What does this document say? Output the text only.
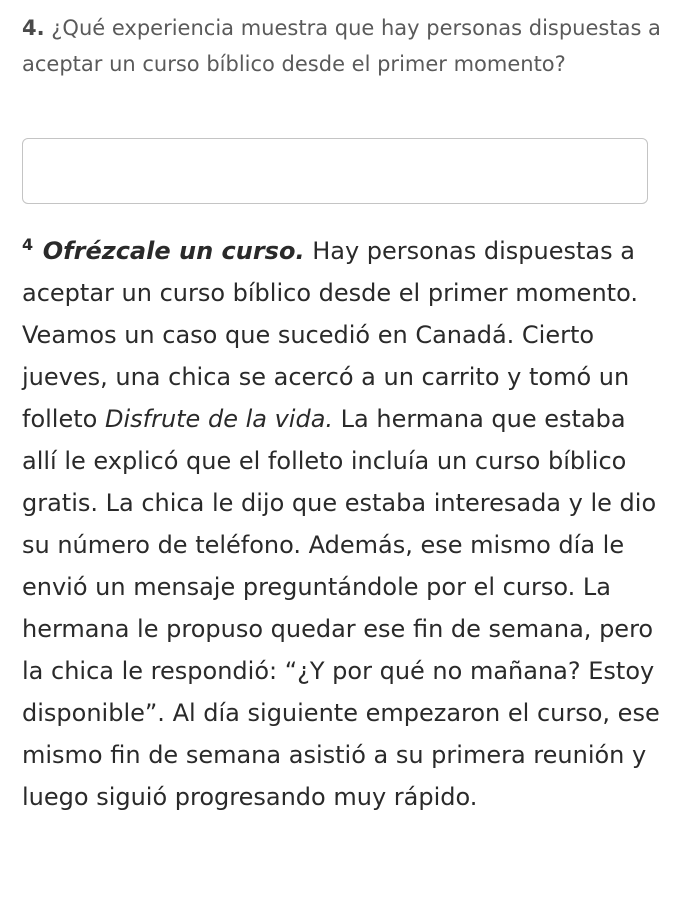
4. ¿Qué experiencia muestra que hay personas dispuestas a aceptar un curso bíblico desde el primer momento?

$^4$ Ofrézcale un curso. Hay personas dispuestas a aceptar un curso bíblico desde el primer momento. Veamos un caso que sucedió en Canadá. Cierto jueves, una chica se acercó a un carrito y tomó un folleto Disfrute de la vida. La hermana que estaba allí le explicó que el folleto incluía un curso bíblico gratis. La chica le dijo que estaba interesada y le dio su número de teléfono. Además, ese mismo día le envió un mensaje preguntándole por el curso. La hermana le propuso quedar ese fin de semana, pero la chica le respondió: “¿Y por qué no mañana? Estoy disponible”. Al día siguiente empezaron el curso, ese mismo fin de semana asistió a su primera reunión y luego siguió progresando muy rápido.
